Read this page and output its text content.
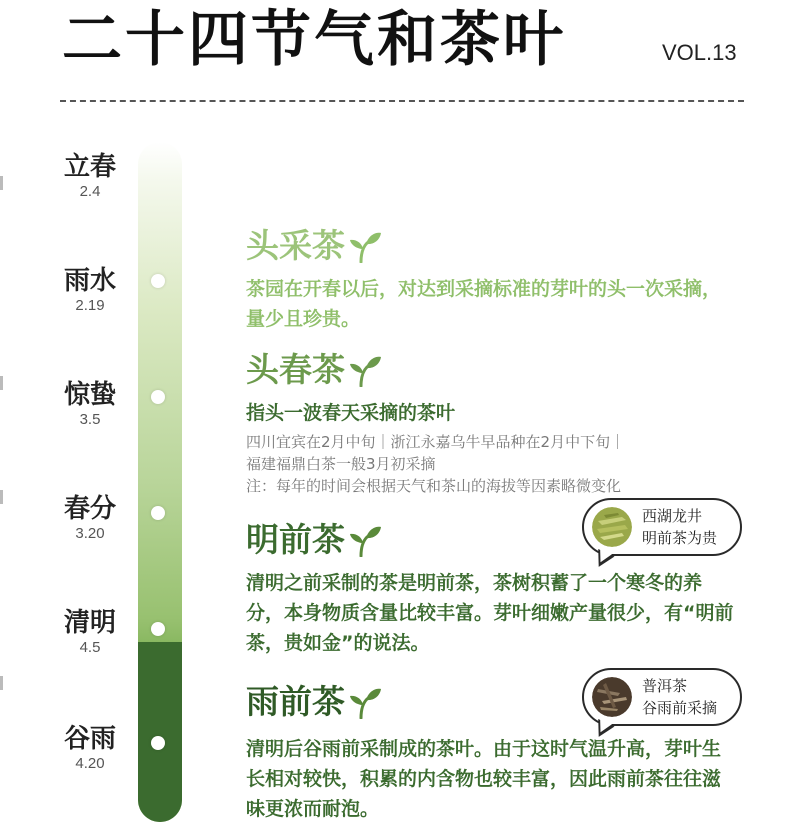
二十四节气和茶叶	VOL.13
立春
2.4
雨水
2.19
惊蛰
3.5
春分
3.20
清明
4.5
谷雨
4.20
头采茶

茶园在开春以后，对达到采摘标准的芽叶的头一次采摘，量少且珍贵。

头春茶
指头一波春天采摘的茶叶
四川宜宾在2月中旬｜浙江永嘉乌牛早品种在2月中下旬｜
福建福鼎白茶一般3月初采摘
注：每年的时间会根据天气和茶山的海拔等因素略微变化
明前茶

清明之前采制的茶是明前茶，茶树积蓄了一个寒冬的养分，本身物质含量比较丰富。芽叶细嫩产量很少，有“明前茶，贵如金”的说法。

雨前茶

清明后谷雨前采制成的茶叶。由于这时气温升高，芽叶生长相对较快，积累的内含物也较丰富，因此雨前茶往往滋味更浓而耐泡。

西湖龙井
明前茶为贵
普洱茶
谷雨前采摘
